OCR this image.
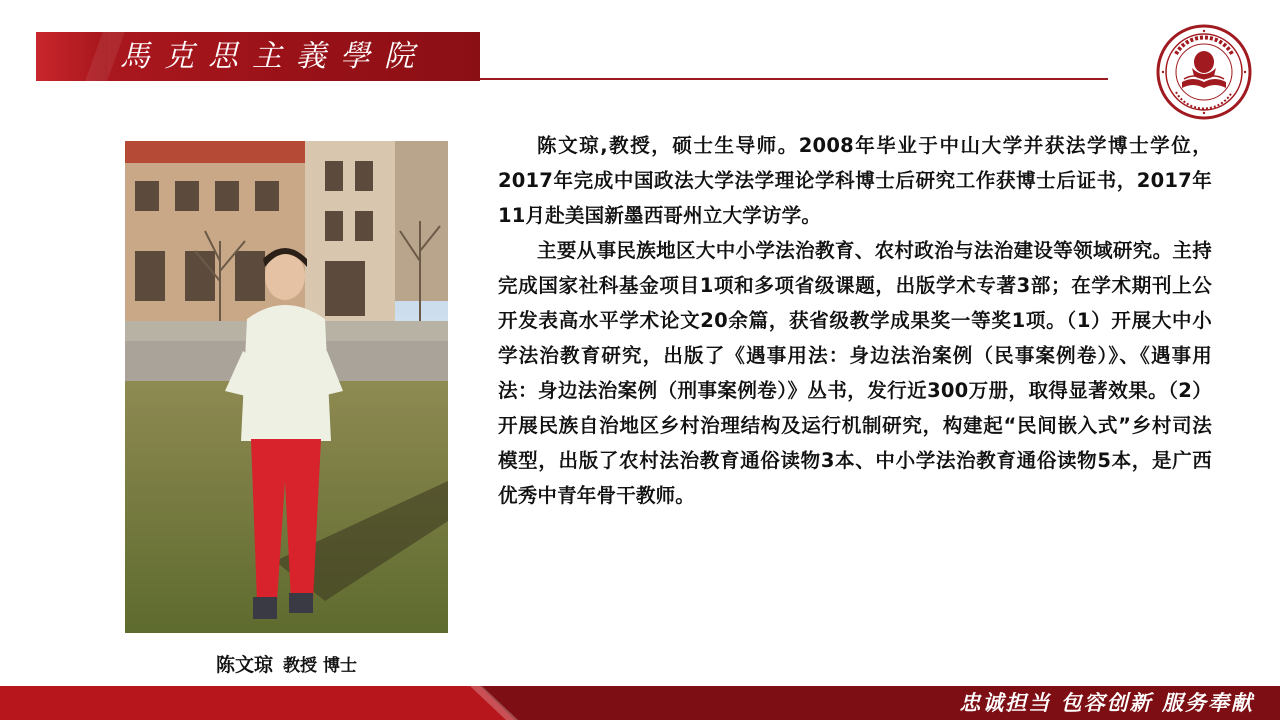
馬克思主義學院
陈文琼 教授 博士

陈文琼,教授，硕士生导师。2008年毕业于中山大学并获法学博士学位，2017年完成中国政法大学法学理论学科博士后研究工作获博士后证书，2017年11月赴美国新墨西哥州立大学访学。

主要从事民族地区大中小学法治教育、农村政治与法治建设等领域研究。主持完成国家社科基金项目1项和多项省级课题，出版学术专著3部；在学术期刊上公开发表高水平学术论文20余篇，获省级教学成果奖一等奖1项。（1）开展大中小学法治教育研究，出版了《遇事用法：身边法治案例（民事案例卷）》、《遇事用法：身边法治案例（刑事案例卷）》丛书，发行近300万册，取得显著效果。（2）开展民族自治地区乡村治理结构及运行机制研究，构建起“民间嵌入式”乡村司法模型，出版了农村法治教育通俗读物3本、中小学法治教育通俗读物5本，是广西优秀中青年骨干教师。

忠诚担当 包容创新 服务奉献
